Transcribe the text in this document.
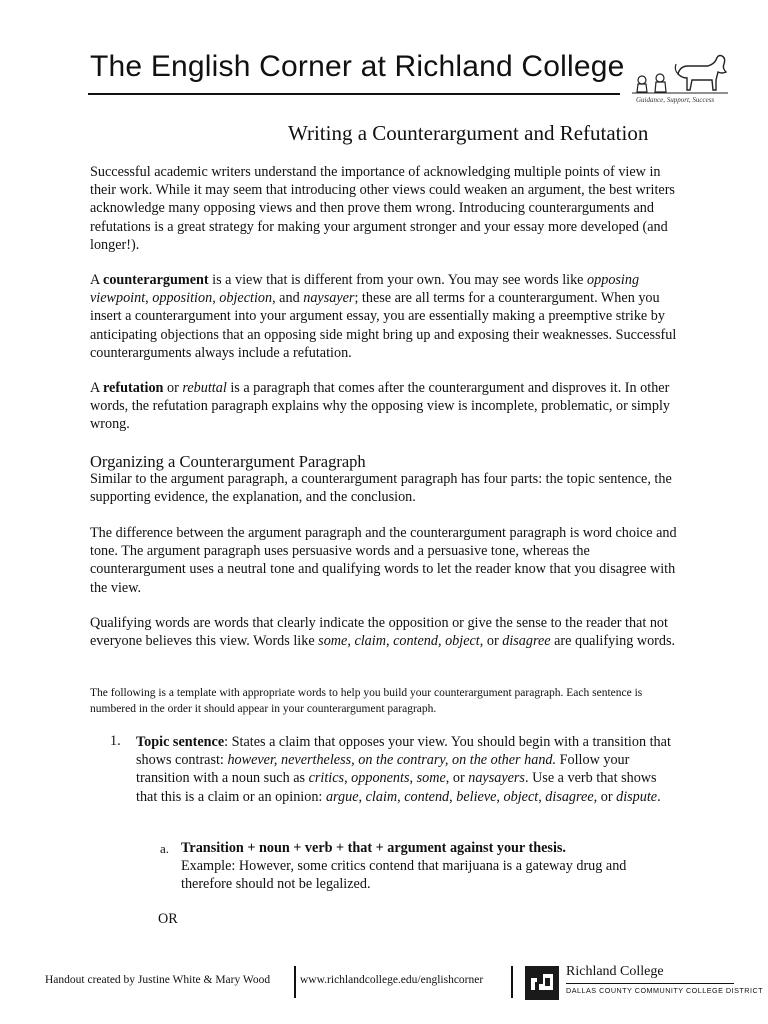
The English Corner at Richland College
Guidance, Support, Success
Writing a Counterargument and Refutation

Successful academic writers understand the importance of acknowledging multiple points of view in their work. While it may seem that introducing other views could weaken an argument, the best writers acknowledge many opposing views and then prove them wrong. Introducing counterarguments and refutations is a great strategy for making your argument stronger and your essay more developed (and longer!).

A counterargument is a view that is different from your own. You may see words like opposing viewpoint, opposition, objection, and naysayer; these are all terms for a counterargument. When you insert a counterargument into your argument essay, you are essentially making a preemptive strike by anticipating objections that an opposing side might bring up and exposing their weaknesses. Successful counterarguments always include a refutation.

A refutation or rebuttal is a paragraph that comes after the counterargument and disproves it. In other words, the refutation paragraph explains why the opposing view is incomplete, problematic, or simply wrong.

Organizing a Counterargument Paragraph

Similar to the argument paragraph, a counterargument paragraph has four parts: the topic sentence, the supporting evidence, the explanation, and the conclusion.

The difference between the argument paragraph and the counterargument paragraph is word choice and tone. The argument paragraph uses persuasive words and a persuasive tone, whereas the counterargument uses a neutral tone and qualifying words to let the reader know that you disagree with the view.

Qualifying words are words that clearly indicate the opposition or give the sense to the reader that not everyone believes this view. Words like some, claim, contend, object, or disagree are qualifying words.

The following is a template with appropriate words to help you build your counterargument paragraph. Each sentence is numbered in the order it should appear in your counterargument paragraph.
1. Topic sentence: States a claim that opposes your view. You should begin with a transition that shows contrast: however, nevertheless, on the contrary, on the other hand. Follow your transition with a noun such as critics, opponents, some, or naysayers. Use a verb that shows that this is a claim or an opinion: argue, claim, contend, believe, object, disagree, or dispute.
a. Transition + noun + verb + that + argument against your thesis.
Example: However, some critics contend that marijuana is a gateway drug and therefore should not be legalized.
OR
Handout created by Justine White & Mary Wood	www.richlandcollege.edu/englishcorner
Richland College
DALLAS COUNTY COMMUNITY COLLEGE DISTRICT
